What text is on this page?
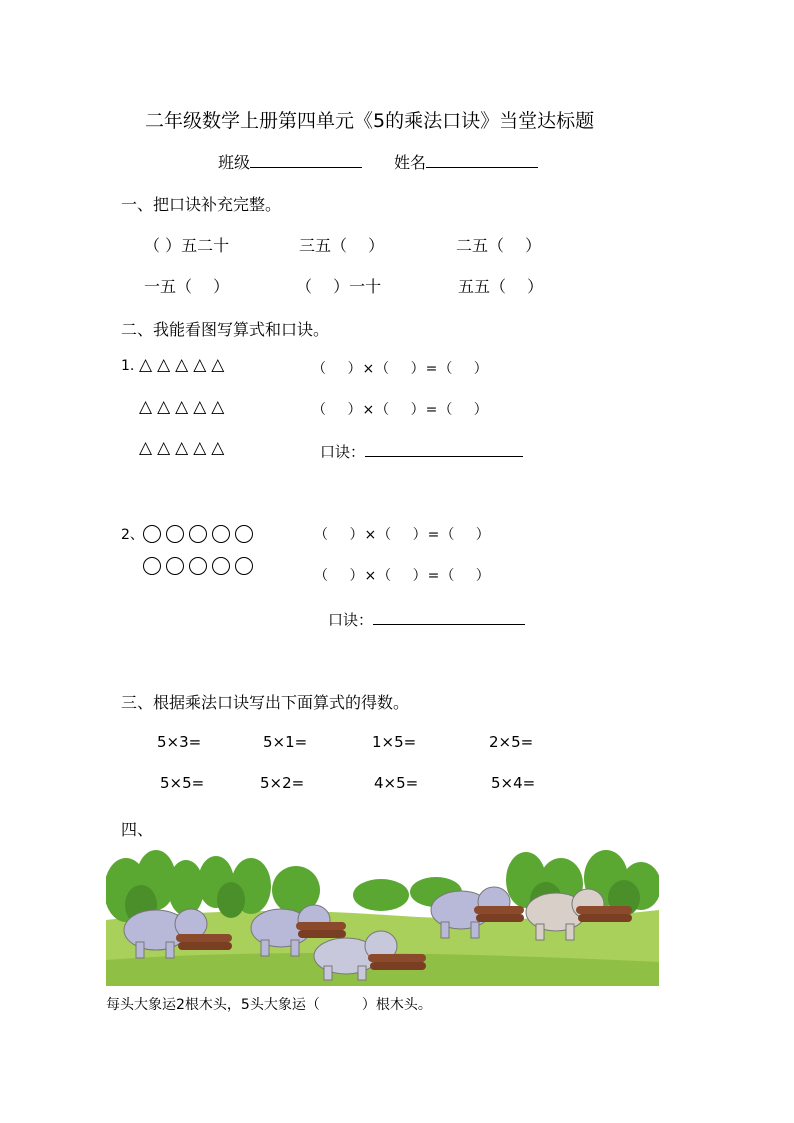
二年级数学上册第四单元《5的乘法口诀》当堂达标题
班级	姓名
一、把口诀补充完整。
（ ）五二十	三五（　 ）	二五（　 ）
一五（　 ）	（　 ）一十	五五（　 ）
二、我能看图写算式和口诀。
1. △△△△△
△△△△△
△△△△△
（　 ）×（　 ）=（　 ）
（　 ）×（　 ）=（　 ）
口诀：
2、	（　 ）×（　 ）=（　 ）
（　 ）×（　 ）=（　 ）
口诀：
三、根据乘法口诀写出下面算式的得数。
5×3=	5×1=	1×5=	2×5=
5×5=	5×2=	4×5=	5×4=
四、
每头大象运2根木头，5头大象运（　　　）根木头。
